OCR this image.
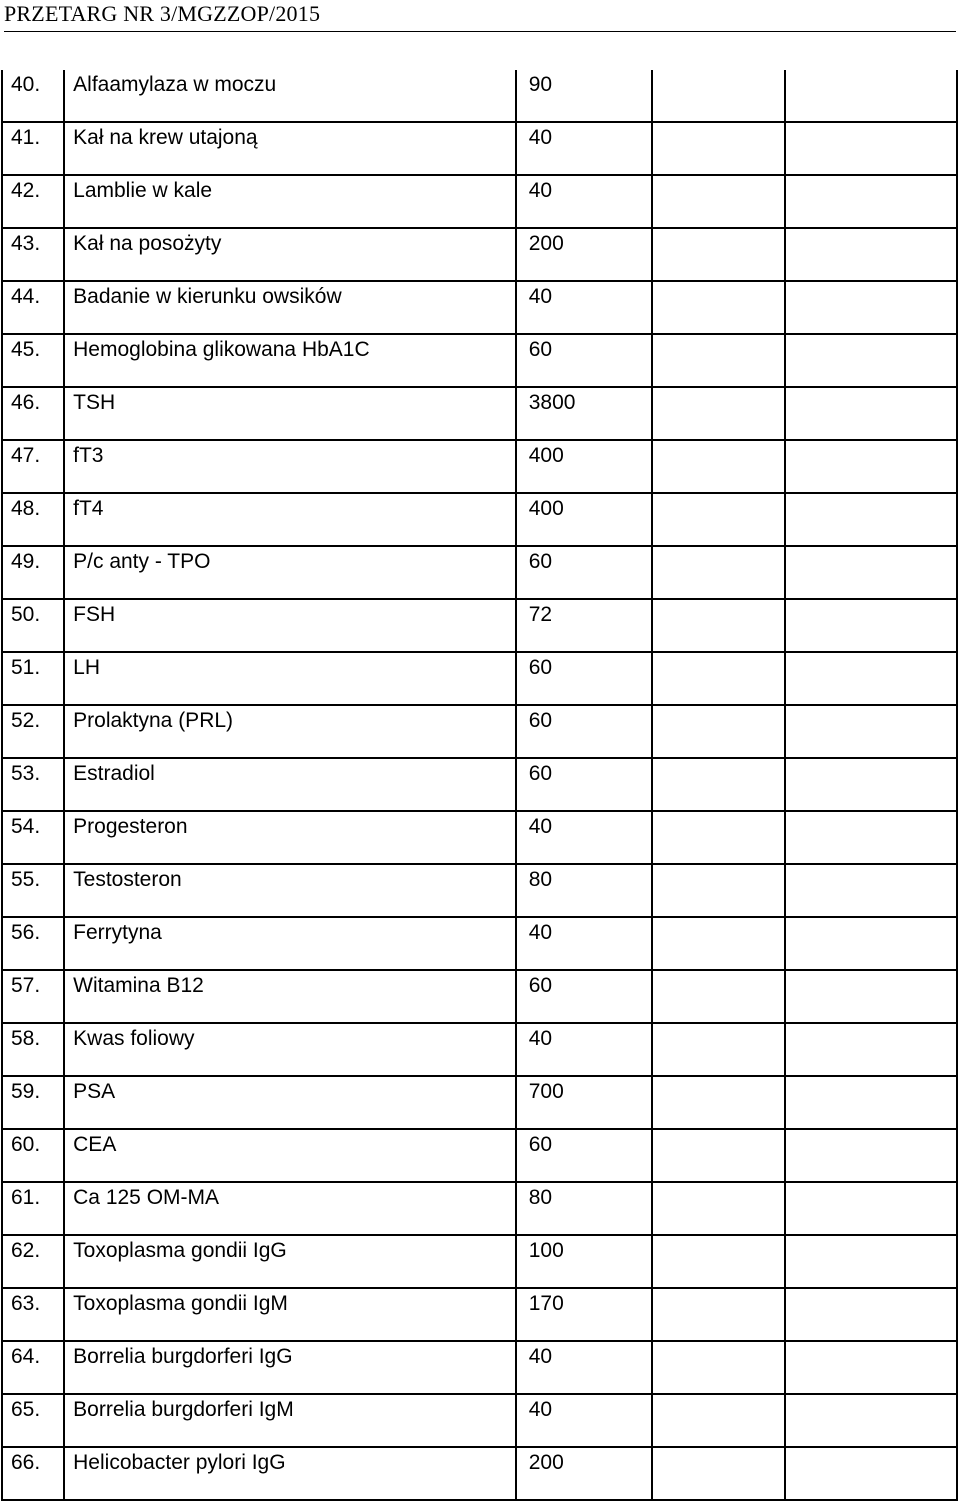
PRZETARG NR 3/MGZZOP/2015
40.	Alfaamylaza w moczu	90		
41.	Kał na krew utajoną	40		
42.	Lamblie w kale	40		
43.	Kał na posożyty	200		
44.	Badanie w kierunku owsików	40		
45.	Hemoglobina glikowana HbA1C	60		
46.	TSH	3800		
47.	fT3	400		
48.	fT4	400		
49.	P/c anty - TPO	60		
50.	FSH	72		
51.	LH	60		
52.	Prolaktyna (PRL)	60		
53.	Estradiol	60		
54.	Progesteron	40		
55.	Testosteron	80		
56.	Ferrytyna	40		
57.	Witamina B12	60		
58.	Kwas foliowy	40		
59.	PSA	700		
60.	CEA	60		
61.	Ca 125 OM-MA	80		
62.	Toxoplasma gondii IgG	100		
63.	Toxoplasma gondii IgM	170		
64.	Borrelia burgdorferi IgG	40		
65.	Borrelia burgdorferi IgM	40		
66.	Helicobacter pylori IgG	200		
